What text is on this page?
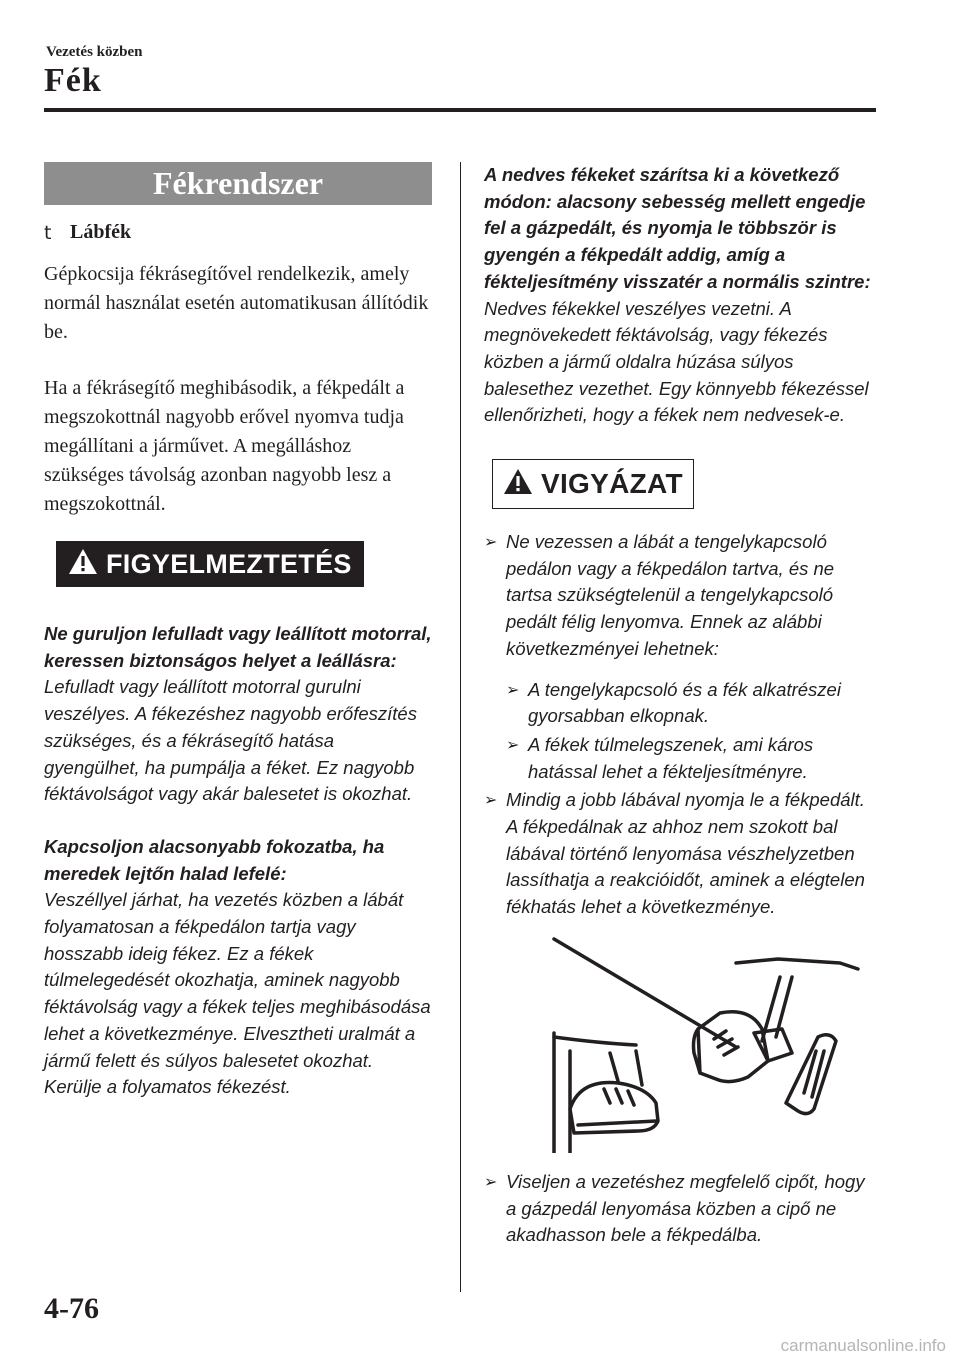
Vezetés közben
Fék
Fékrendszer
t Lábfék

Gépkocsija fékrásegítővel rendelkezik, amely normál használat esetén automatikusan állítódik be.

Ha a fékrásegítő meghibásodik, a fékpedált a megszokottnál nagyobb erővel nyomva tudja megállítani a járművet. A megálláshoz szükséges távolság azonban nagyobb lesz a megszokottnál.

FIGYELMEZTETÉS

Ne guruljon lefulladt vagy leállított motorral, keressen biztonságos helyet a leállásra:
Lefulladt vagy leállított motorral gurulni veszélyes. A fékezéshez nagyobb erőfeszítés szükséges, és a fékrásegítő hatása gyengülhet, ha pumpálja a féket. Ez nagyobb féktávolságot vagy akár balesetet is okozhat.

Kapcsoljon alacsonyabb fokozatba, ha meredek lejtőn halad lefelé:
Veszéllyel járhat, ha vezetés közben a lábát folyamatosan a fékpedálon tartja vagy hosszabb ideig fékez. Ez a fékek túlmelegedését okozhatja, aminek nagyobb féktávolság vagy a fékek teljes meghibásodása lehet a következménye. Elvesztheti uralmát a jármű felett és súlyos balesetet okozhat. Kerülje a folyamatos fékezést.

A nedves fékeket szárítsa ki a következő módon: alacsony sebesség mellett engedje fel a gázpedált, és nyomja le többször is gyengén a fékpedált addig, amíg a fékteljesítmény visszatér a normális szintre:
Nedves fékekkel veszélyes vezetni. A megnövekedett féktávolság, vagy fékezés közben a jármű oldalra húzása súlyos balesethez vezethet. Egy könnyebb fékezéssel ellenőrizheti, hogy a fékek nem nedvesek-e.

VIGYÁZAT
➢ Ne vezessen a lábát a tengelykapcsoló pedálon vagy a fékpedálon tartva, és ne tartsa szükségtelenül a tengelykapcsoló pedált félig lenyomva. Ennek az alábbi következményei lehetnek:
➢ A tengelykapcsoló és a fék alkatrészei gyorsabban elkopnak.
➢ A fékek túlmelegszenek, ami káros hatással lehet a fékteljesítményre.
➢ Mindig a jobb lábával nyomja le a fékpedált. A fékpedálnak az ahhoz nem szokott bal lábával történő lenyomása vészhelyzetben lassíthatja a reakcióidőt, aminek a elégtelen fékhatás lehet a következménye.
➢ Viseljen a vezetéshez megfelelő cipőt, hogy a gázpedál lenyomása közben a cipő ne akadhasson bele a fékpedálba.
4-76
carmanualsonline.info
